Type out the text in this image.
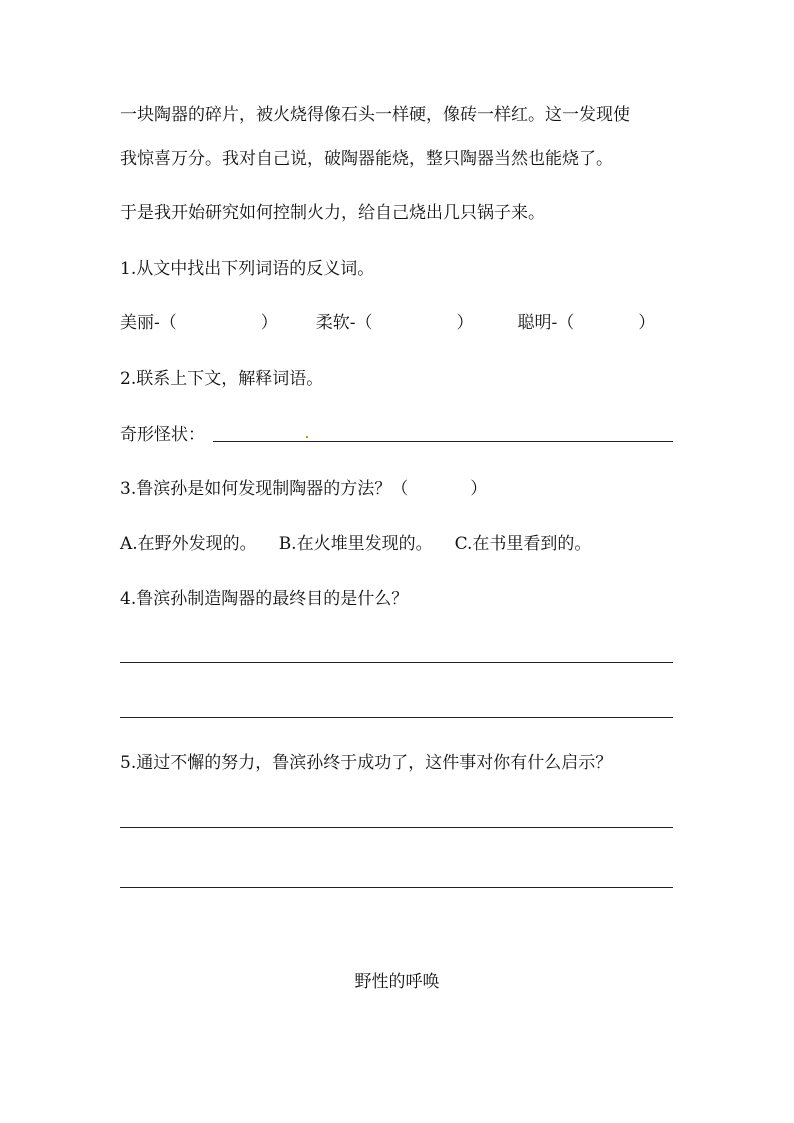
一块陶器的碎片，被火烧得像石头一样硬，像砖一样红。这一发现使
我惊喜万分。我对自己说，破陶器能烧，整只陶器当然也能烧了。
于是我开始研究如何控制火力，给自己烧出几只锅子来。
1.从文中找出下列词语的反义词。
美丽-（	） 柔软-（	）	聪明-（	）
2.联系上下文，解释词语。
奇形怪状：
3.鲁滨孙是如何发现制陶器的方法？（	）
A.在野外发现的。 B.在火堆里发现的。 C.在书里看到的。
4.鲁滨孙制造陶器的最终目的是什么？
5.通过不懈的努力，鲁滨孙终于成功了，这件事对你有什么启示？
野性的呼唤
